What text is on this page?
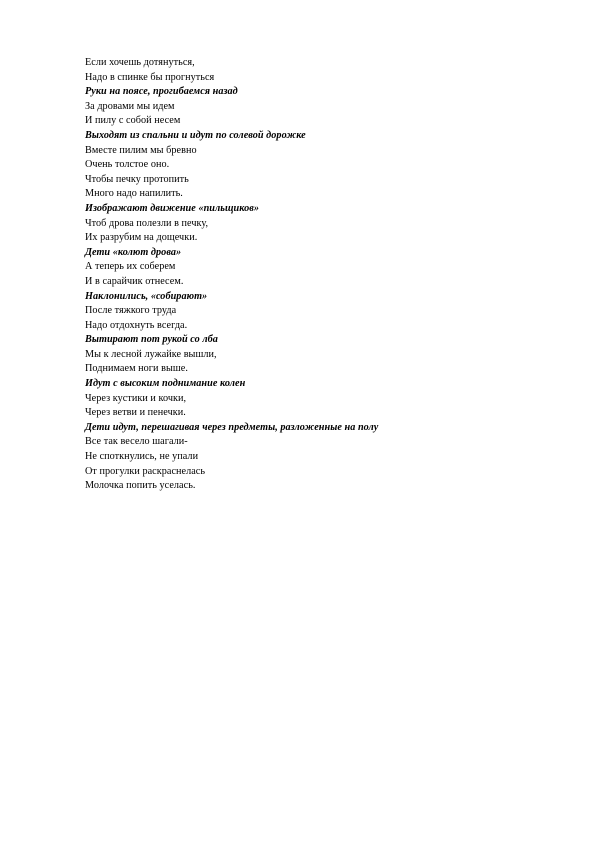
Если хочешь дотянуться,
Надо в спинке бы прогнуться
Руки на поясе, прогибаемся назад
За дровами мы идем
И пилу с собой несем
Выходят из спальни и идут по солевой дорожке
Вместе пилим мы бревно
Очень толстое оно.
Чтобы печку протопить
Много надо напилить.
Изображают движение «пильщиков»
Чтоб дрова полезли в печку,
Их разрубим на дощечки.
Дети «колют дрова»
А теперь их соберем
И в сарайчик отнесем.
Наклонились, «собирают»
После тяжкого труда
Надо отдохнуть всегда.
Вытирают пот рукой со лба
Мы к лесной лужайке вышли,
Поднимаем ноги выше.
Идут с высоким поднимание колен
Через кустики и кочки,
Через ветви и пенечки.
Дети идут, перешагивая через предметы, разложенные на полу
Все так весело шагали-
Не споткнулись, не упали
От прогулки раскраснелась
Молочка попить уселась.
